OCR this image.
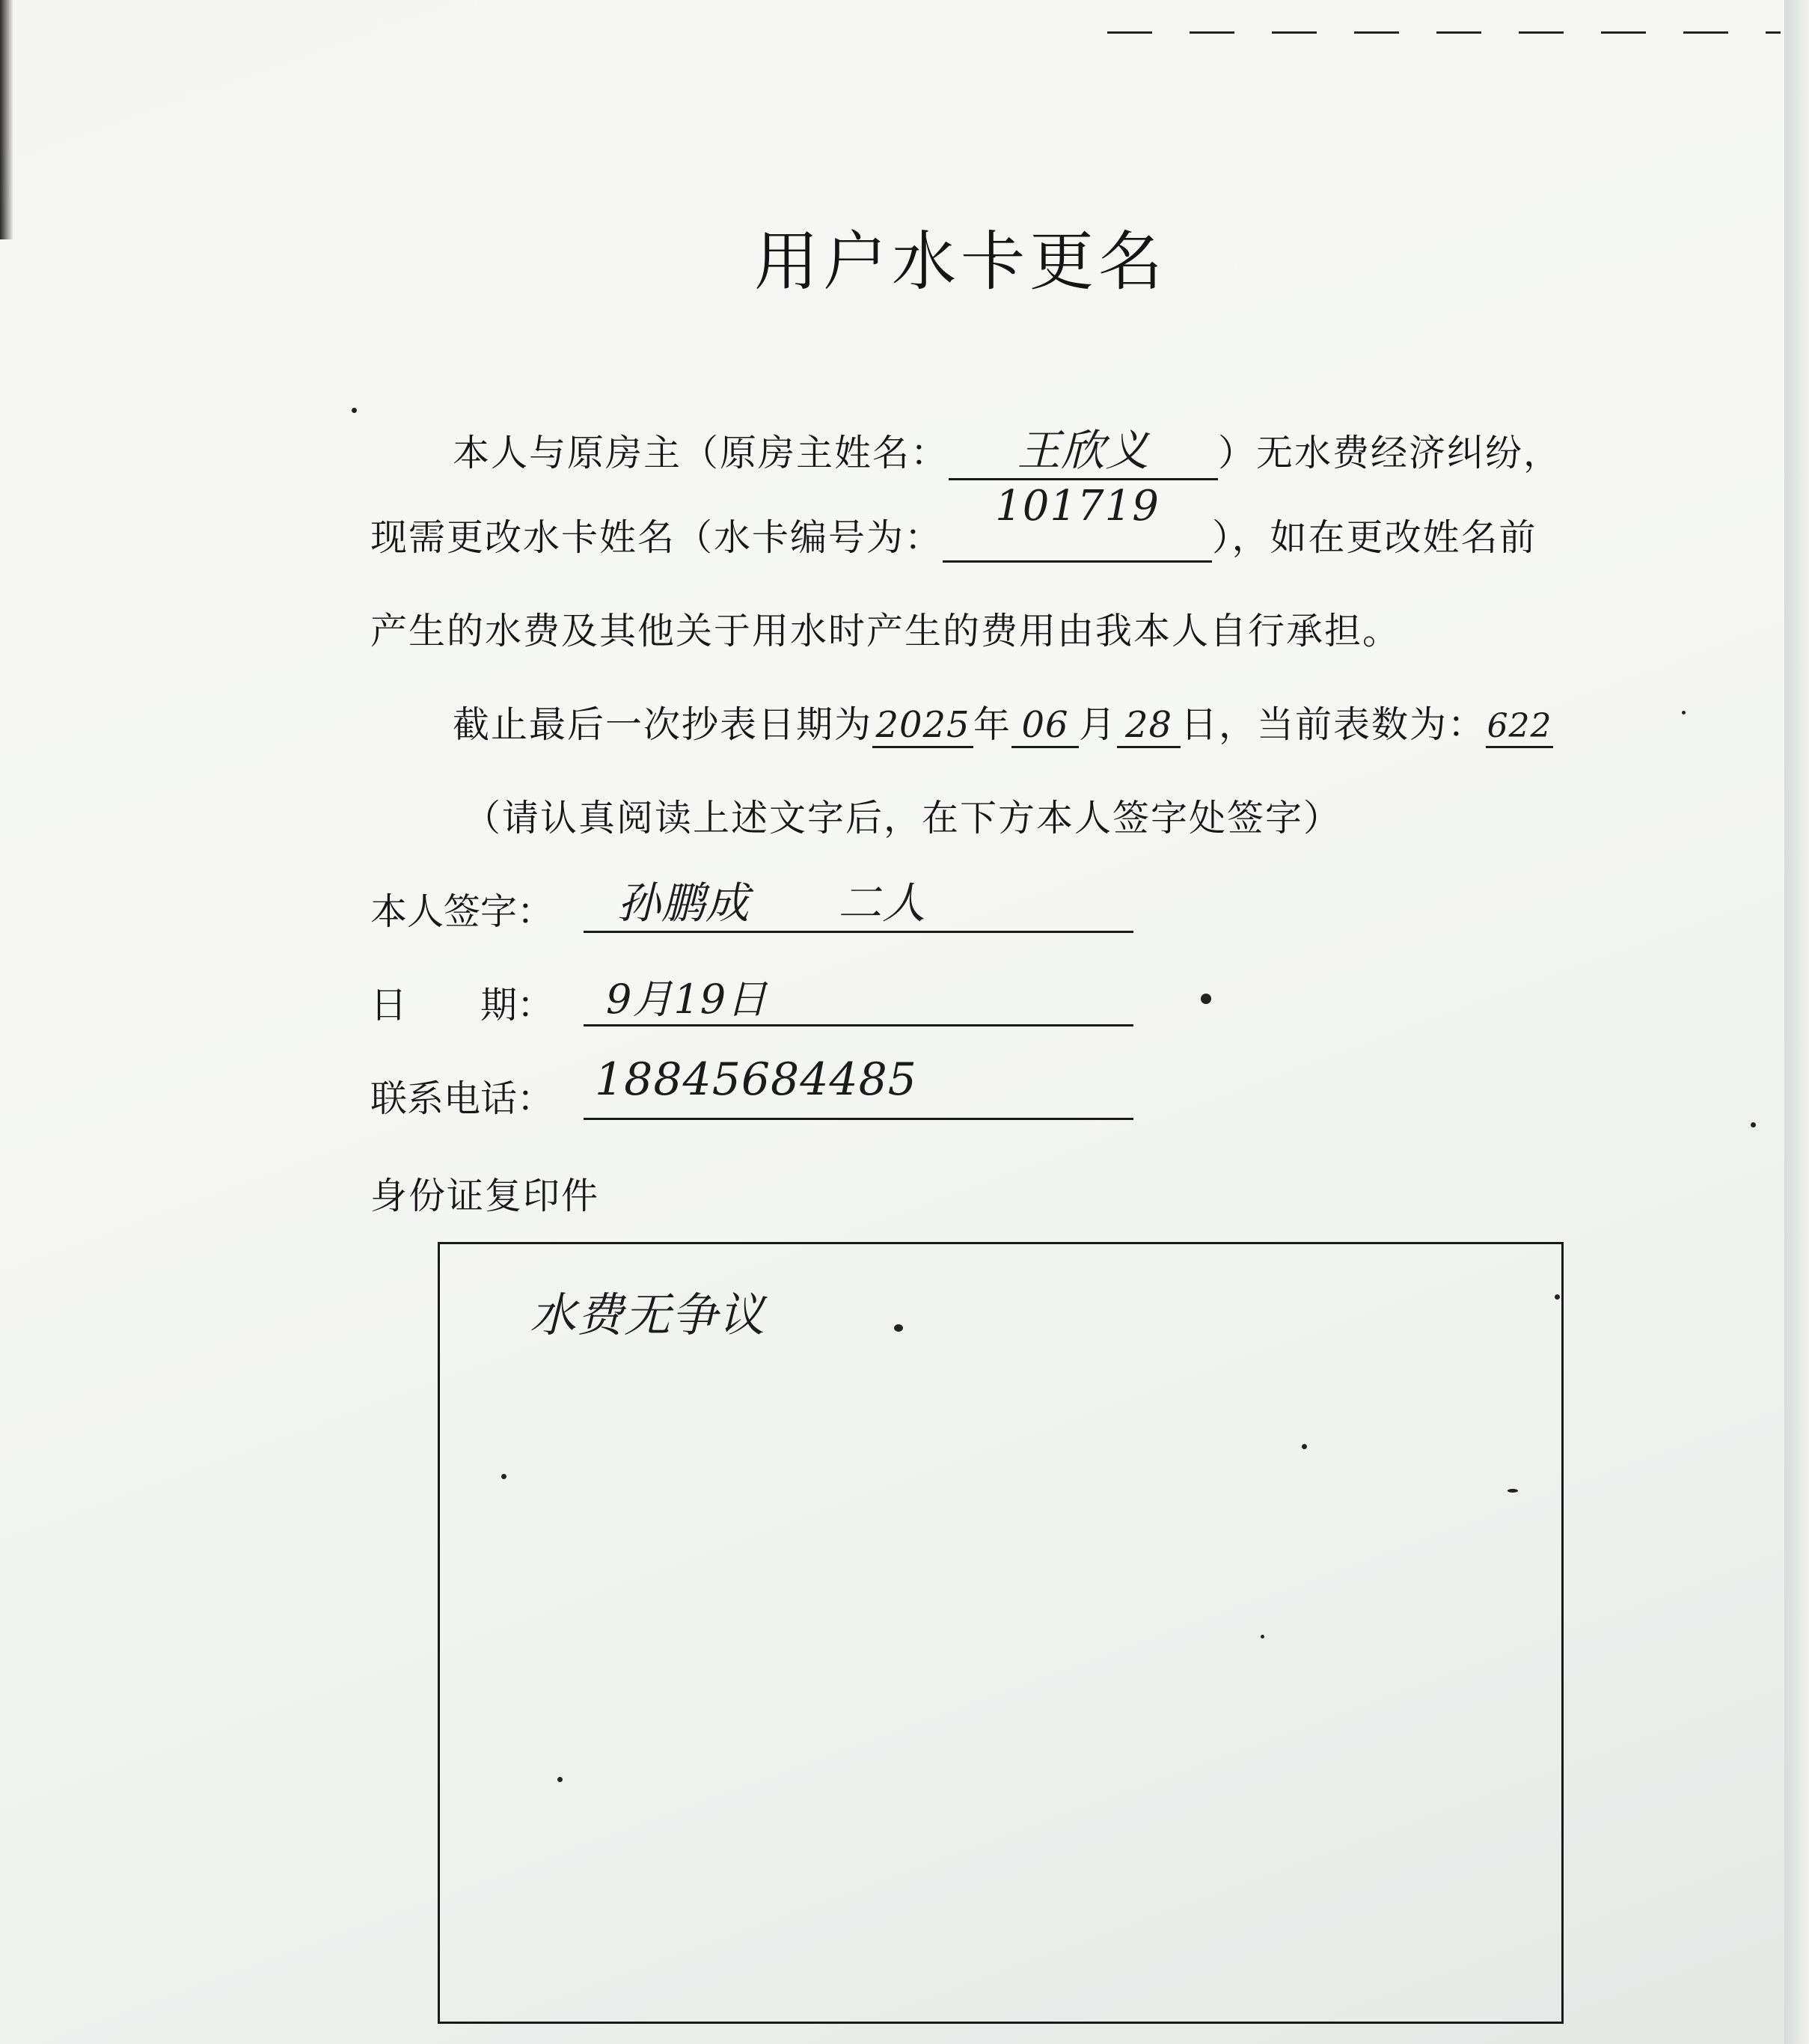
用户水卡更名
本人与原房主（原房主姓名： 王欣义 ）无水费经济纠纷，
现需更改水卡姓名（水卡编号为：101719），如在更改姓名前
产生的水费及其他关于用水时产生的费用由我本人自行承担。
截止最后一次抄表日期为2025年 06 月 28 日，当前表数为：622
（请认真阅读上述文字后，在下方本人签字处签字）
本人签字： 孙鹏成　　二人
日　　期： 9月19日
联系电话： 18845684485
身份证复印件
水费无争议
